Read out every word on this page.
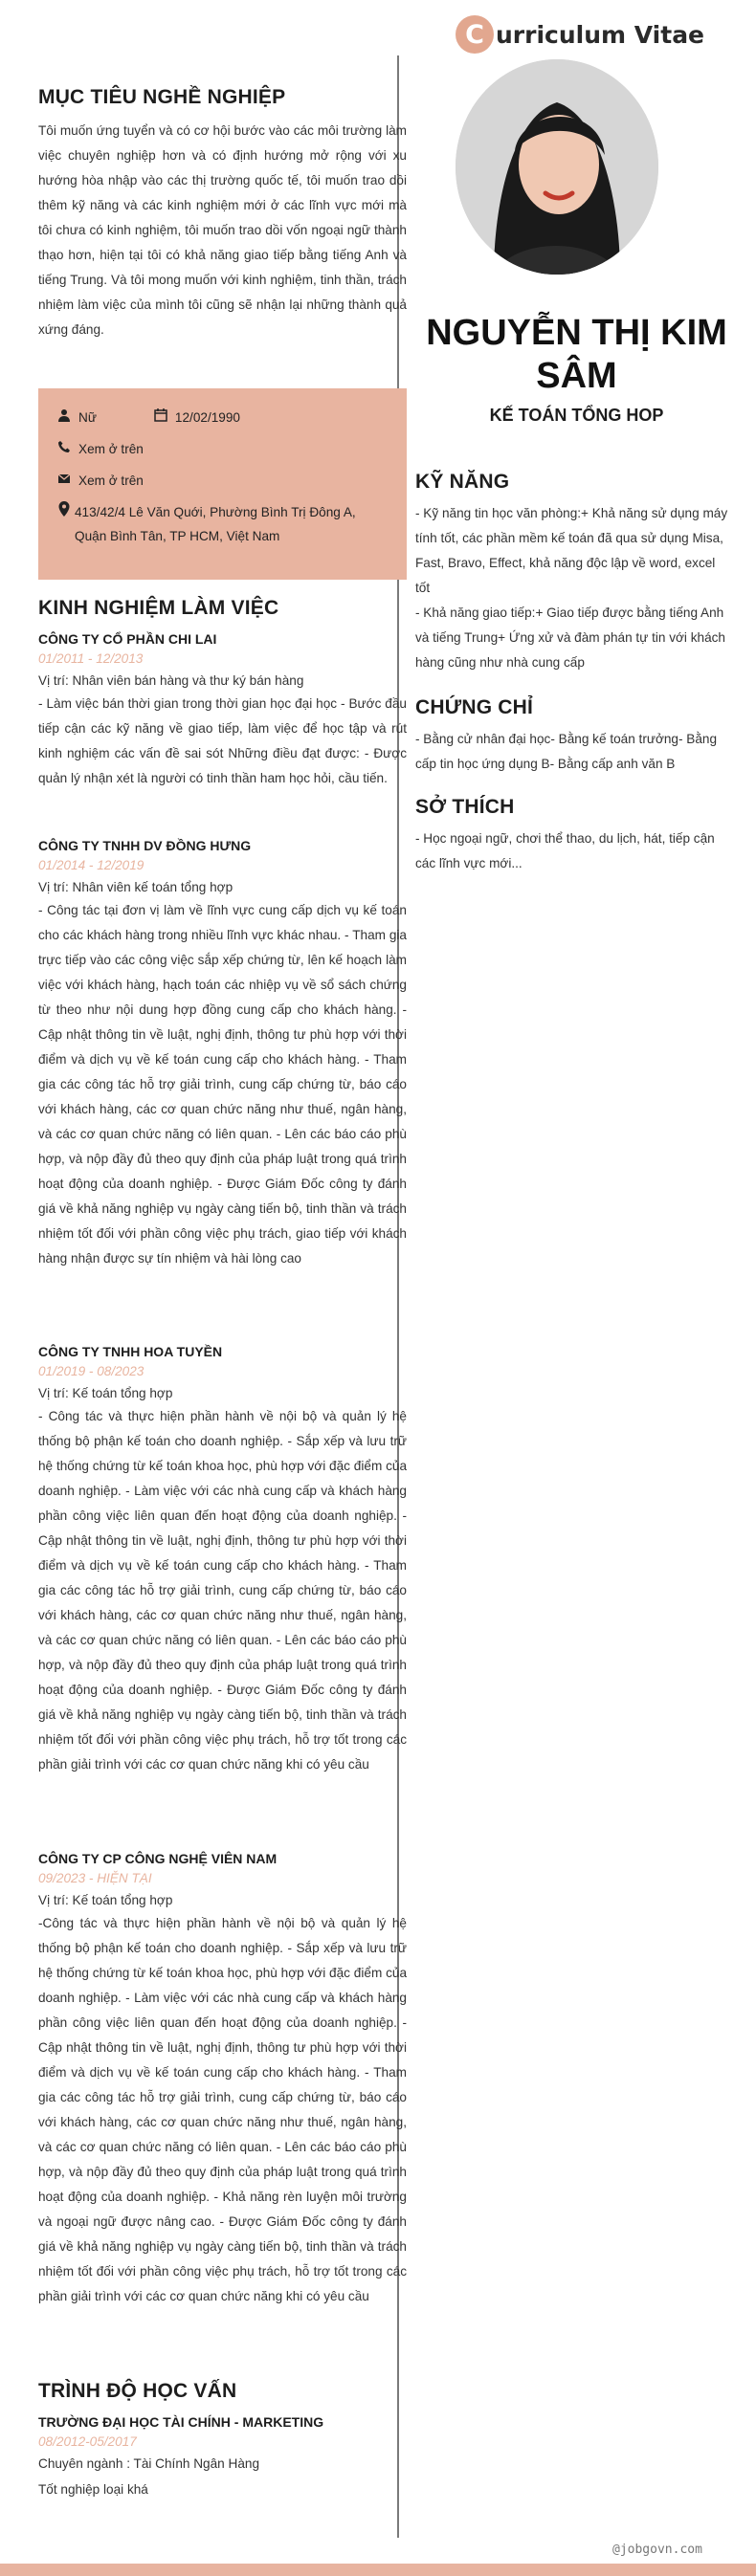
C urriculum Vitae
MỤC TIÊU NGHỀ NGHIỆP
Tôi muốn ứng tuyển và có cơ hội bước vào các môi trường làm việc chuyên nghiệp hơn và có định hướng mở rộng với xu hướng hòa nhập vào các thị trường quốc tế, tôi muốn trao dồi thêm kỹ năng và các kinh nghiệm mới ở các lĩnh vực mới mà tôi chưa có kinh nghiệm, tôi muốn trao dồi vốn ngoại ngữ thành thạo hơn, hiện tại tôi có khả năng giao tiếp bằng tiếng Anh và tiếng Trung. Và tôi mong muốn với kinh nghiệm, tinh thần, trách nhiệm làm việc của mình tôi cũng sẽ nhận lại những thành quả xứng đáng.
Nữ	12/02/1990
Xem ở trên
Xem ở trên
413/42/4 Lê Văn Quới, Phường Bình Trị Đông A, Quận Bình Tân, TP HCM, Việt Nam
KINH NGHIỆM LÀM VIỆC
CÔNG TY CỔ PHẦN CHI LAI
01/2011 - 12/2013
Vị trí: Nhân viên bán hàng và thư ký bán hàng
- Làm việc bán thời gian trong thời gian học đại học - Bước đầu tiếp cận các kỹ năng về giao tiếp, làm việc để học tập và rút kinh nghiệm các vấn đề sai sót Những điều đạt được: - Được quản lý nhận xét là người có tinh thần ham học hỏi, cầu tiến.
CÔNG TY TNHH DV ĐỒNG HƯNG
01/2014 - 12/2019
Vị trí: Nhân viên kế toán tổng hợp
- Công tác tại đơn vị làm về lĩnh vực cung cấp dịch vụ kế toán cho các khách hàng trong nhiều lĩnh vực khác nhau. - Tham gia trực tiếp vào các công việc sắp xếp chứng từ, lên kế hoạch làm việc với khách hàng, hạch toán các nhiệp vụ về sổ sách chứng từ theo như nội dung hợp đồng cung cấp cho khách hàng. - Cập nhật thông tin về luật, nghị định, thông tư phù hợp với thời điểm và dịch vụ về kế toán cung cấp cho khách hàng. - Tham gia các công tác hỗ trợ giải trình, cung cấp chứng từ, báo cáo với khách hàng, các cơ quan chức năng như thuế, ngân hàng, và các cơ quan chức năng có liên quan. - Lên các báo cáo phù hợp, và nộp đầy đủ theo quy định của pháp luật trong quá trình hoạt động của doanh nghiệp. - Được Giám Đốc công ty đánh giá về khả năng nghiệp vụ ngày càng tiến bộ, tinh thần và trách nhiệm tốt đối với phần công việc phụ trách, giao tiếp với khách hàng nhận được sự tín nhiệm và hài lòng cao
CÔNG TY TNHH HOA TUYỀN
01/2019 - 08/2023
Vị trí: Kế toán tổng hợp
- Công tác và thực hiện phần hành về nội bộ và quản lý hệ thống bộ phận kế toán cho doanh nghiệp. - Sắp xếp và lưu trữ hệ thống chứng từ kế toán khoa học, phù hợp với đặc điểm của doanh nghiệp. - Làm việc với các nhà cung cấp và khách hàng phần công việc liên quan đến hoạt động của doanh nghiệp. - Cập nhật thông tin về luật, nghị định, thông tư phù hợp với thời điểm và dịch vụ về kế toán cung cấp cho khách hàng. - Tham gia các công tác hỗ trợ giải trình, cung cấp chứng từ, báo cáo với khách hàng, các cơ quan chức năng như thuế, ngân hàng, và các cơ quan chức năng có liên quan. - Lên các báo cáo phù hợp, và nộp đầy đủ theo quy định của pháp luật trong quá trình hoạt động của doanh nghiệp. - Được Giám Đốc công ty đánh giá về khả năng nghiệp vụ ngày càng tiến bộ, tinh thần và trách nhiệm tốt đối với phần công việc phụ trách, hỗ trợ tốt trong các phần giải trình với các cơ quan chức năng khi có yêu cầu
CÔNG TY CP CÔNG NGHỆ VIÊN NAM
09/2023 - HIỆN TẠI
Vị trí: Kế toán tổng hợp
-Công tác và thực hiện phần hành về nội bộ và quản lý hệ thống bộ phận kế toán cho doanh nghiệp. - Sắp xếp và lưu trữ hệ thống chứng từ kế toán khoa học, phù hợp với đặc điểm của doanh nghiệp. - Làm việc với các nhà cung cấp và khách hàng phần công việc liên quan đến hoạt động của doanh nghiệp. - Cập nhật thông tin về luật, nghị định, thông tư phù hợp với thời điểm và dịch vụ về kế toán cung cấp cho khách hàng. - Tham gia các công tác hỗ trợ giải trình, cung cấp chứng từ, báo cáo với khách hàng, các cơ quan chức năng như thuế, ngân hàng, và các cơ quan chức năng có liên quan. - Lên các báo cáo phù hợp, và nộp đầy đủ theo quy định của pháp luật trong quá trình hoạt động của doanh nghiệp. - Khả năng rèn luyện môi trường và ngoại ngữ được nâng cao. - Được Giám Đốc công ty đánh giá về khả năng nghiệp vụ ngày càng tiến bộ, tinh thần và trách nhiệm tốt đối với phần công việc phụ trách, hỗ trợ tốt trong các phần giải trình với các cơ quan chức năng khi có yêu cầu
TRÌNH ĐỘ HỌC VẤN
TRƯỜNG ĐẠI HỌC TÀI CHÍNH - MARKETING
08/2012-05/2017
Chuyên ngành : Tài Chính Ngân Hàng
Tốt nghiệp loại khá
NGUYỄN THỊ KIM SÂM
KẾ TOÁN TỔNG HOP
KỸ NĂNG
- Kỹ năng tin học văn phòng:+ Khả năng sử dụng máy tính tốt, các phần mềm kế toán đã qua sử dụng Misa, Fast, Bravo, Effect, khả năng độc lập về word, excel tốt
- Khả năng giao tiếp:+ Giao tiếp được bằng tiếng Anh và tiếng Trung+ Ứng xử và đàm phán tự tin với khách hàng cũng như nhà cung cấp
CHỨNG CHỈ
- Bằng cử nhân đại học- Bằng kế toán trưởng- Bằng cấp tin học ứng dụng B- Bằng cấp anh văn B
SỞ THÍCH
- Học ngoại ngữ, chơi thể thao, du lịch, hát, tiếp cận các lĩnh vực mới...
@jobgovn.com
